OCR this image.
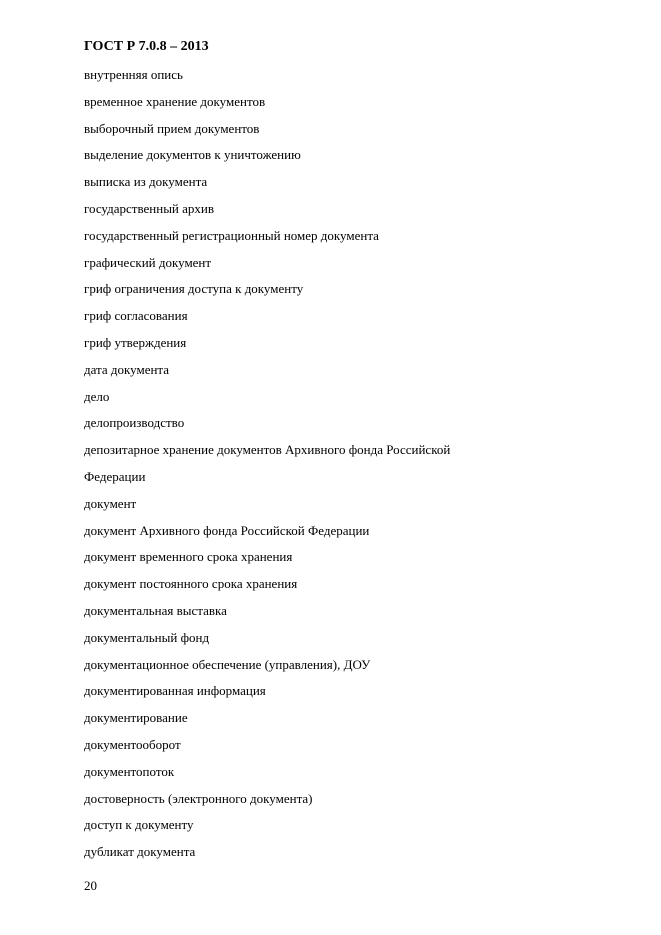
ГОСТ Р 7.0.8 – 2013
внутренняя опись
временное хранение документов
выборочный прием документов
выделение документов к уничтожению
выписка из документа
государственный архив
государственный регистрационный номер документа
графический документ
гриф ограничения доступа к документу
гриф согласования
гриф утверждения
дата документа
дело
делопроизводство
депозитарное хранение документов Архивного фонда Российской
Федерации
документ
документ Архивного фонда Российской Федерации
документ временного срока хранения
документ постоянного срока хранения
документальная выставка
документальный фонд
документационное обеспечение (управления), ДОУ
документированная информация
документирование
документооборот
документопоток
достоверность (электронного документа)
доступ к документу
дубликат документа
20
